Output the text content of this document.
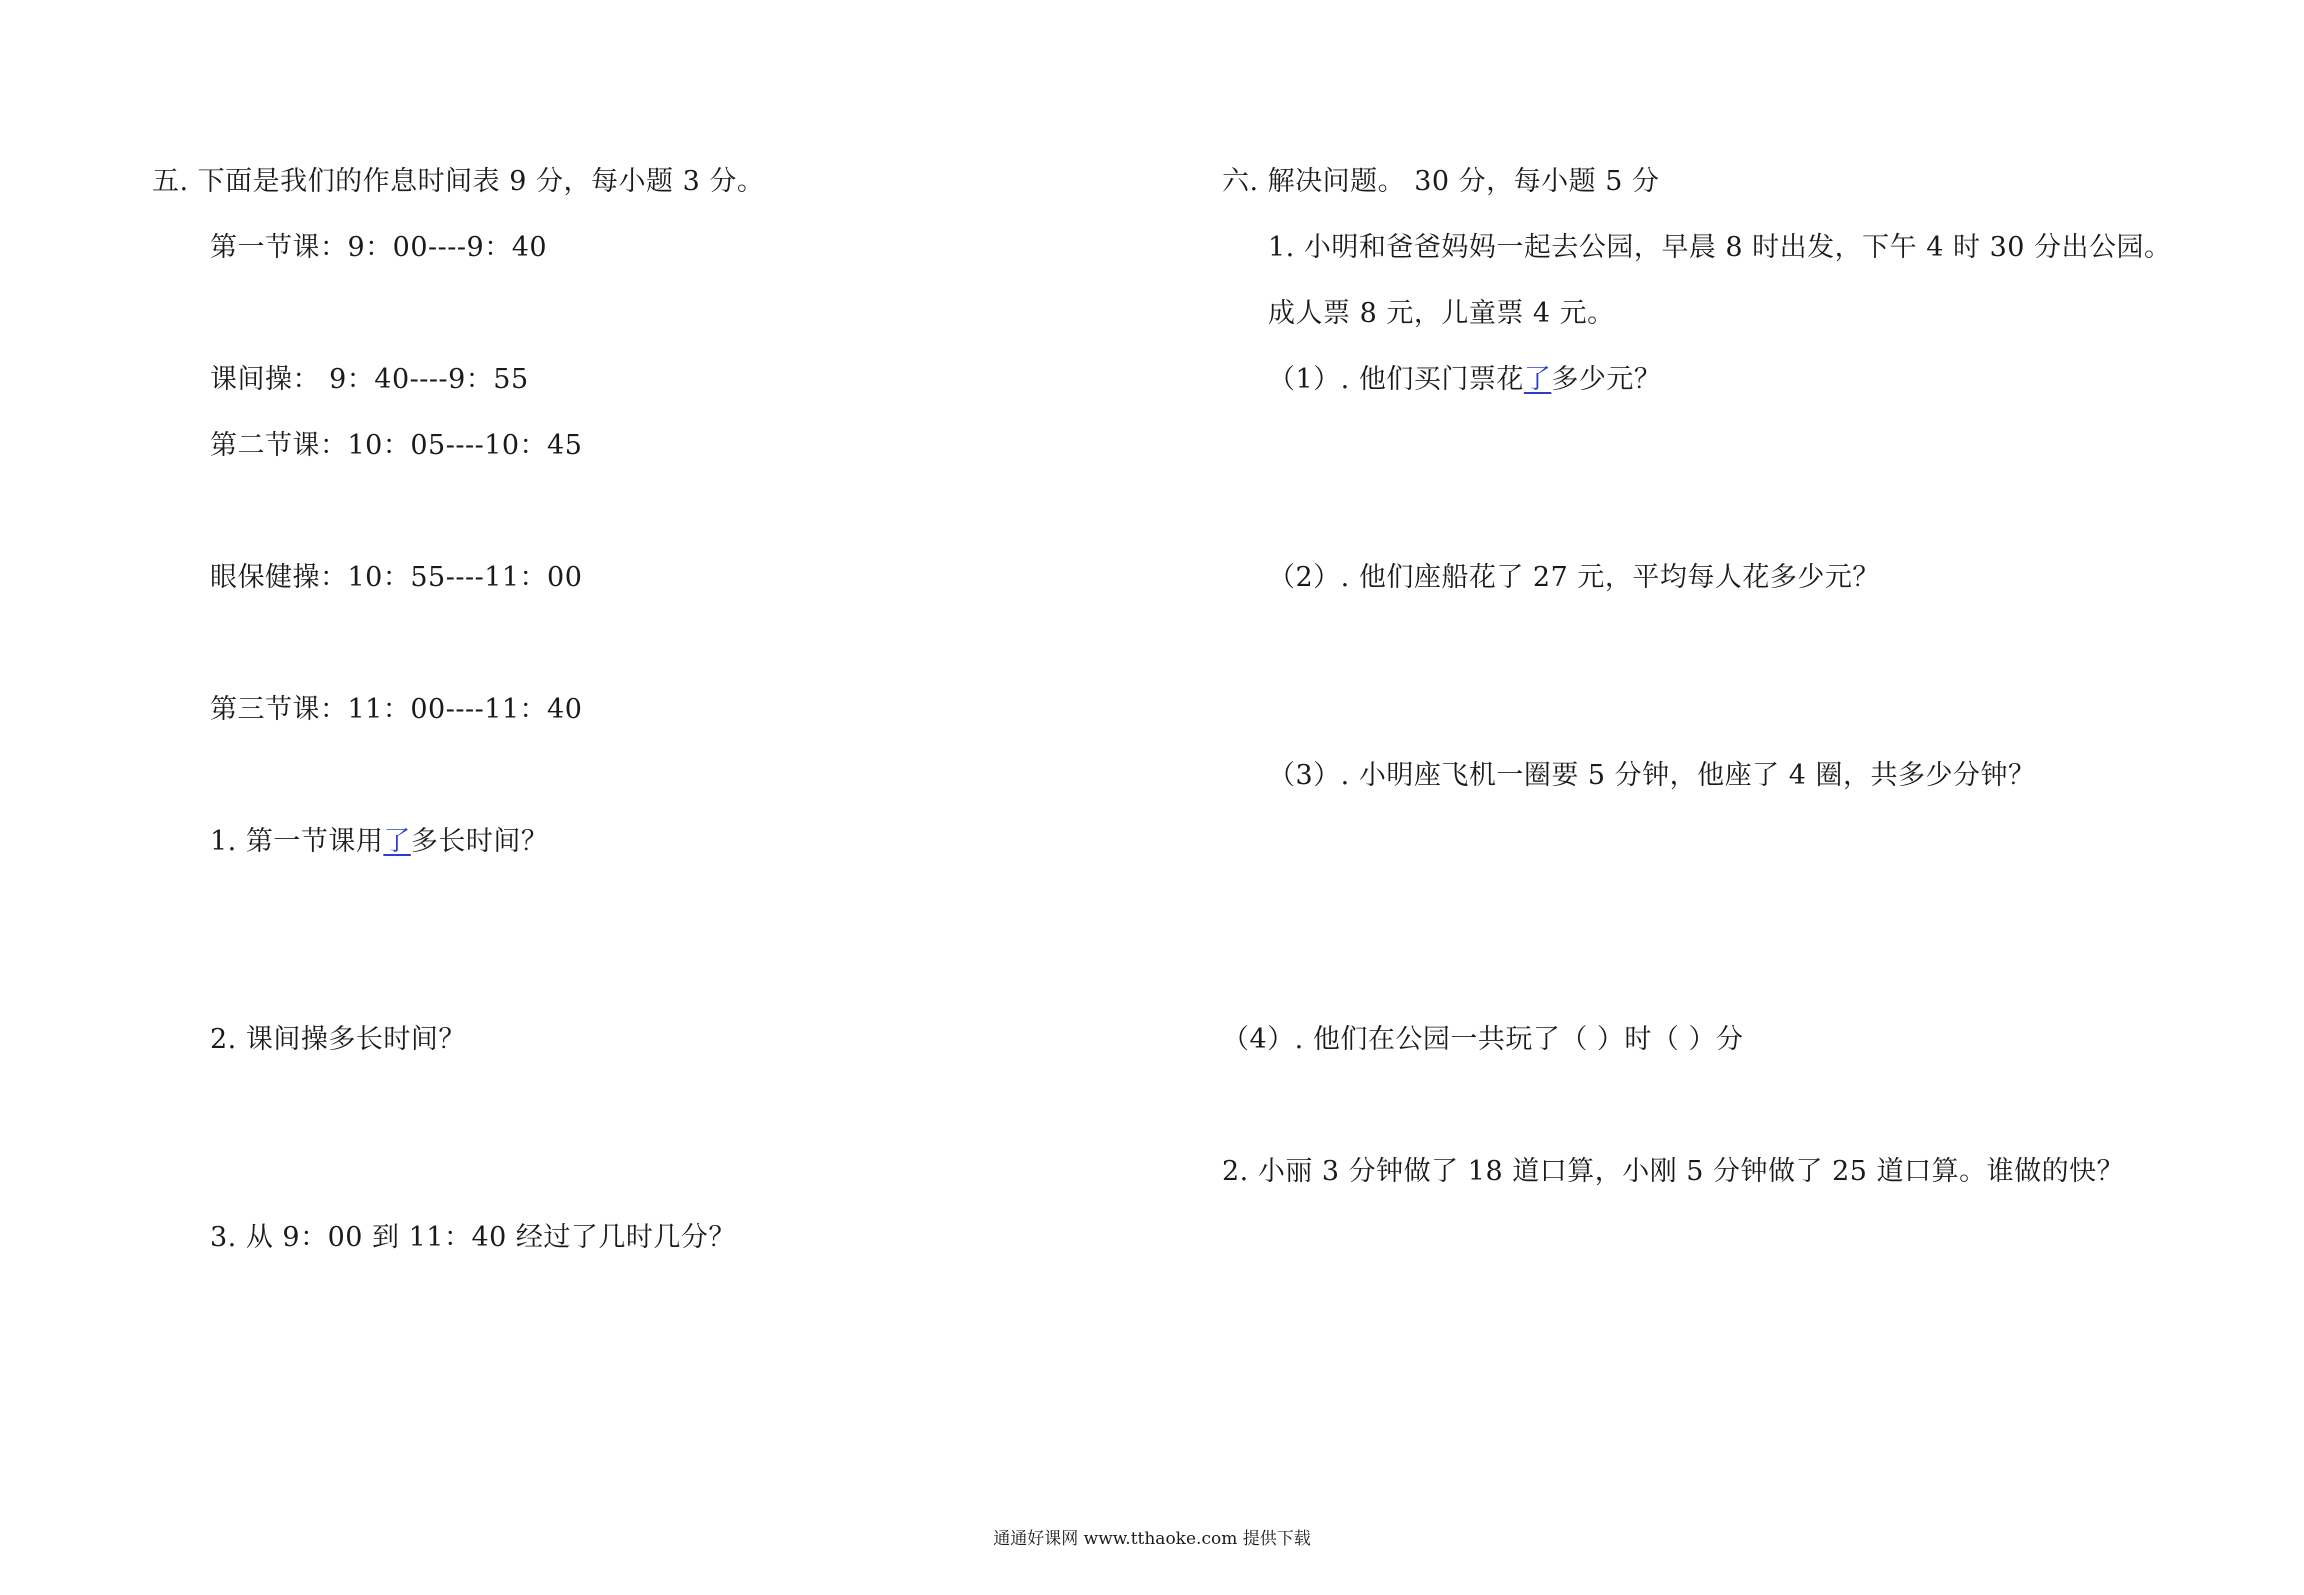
五. 下面是我们的作息时间表 9 分，每小题 3 分。
第一节课：9：00----9：40
课间操： 9：40----9：55
第二节课：10：05----10：45
眼保健操：10：55----11：00
第三节课：11：00----11：40
1. 第一节课用了多长时间？
2. 课间操多长时间？
3. 从 9：00 到 11：40 经过了几时几分？
六. 解决问题。 30 分，每小题 5 分
1. 小明和爸爸妈妈一起去公园，早晨 8 时出发，下午 4 时 30 分出公园。
成人票 8 元，儿童票 4 元。
（1）. 他们买门票花了多少元？
（2）. 他们座船花了 27 元，平均每人花多少元？
（3）. 小明座飞机一圈要 5 分钟，他座了 4 圈，共多少分钟？
（4）. 他们在公园一共玩了（ ）时（ ）分
2. 小丽 3 分钟做了 18 道口算，小刚 5 分钟做了 25 道口算。谁做的快？
通通好课网 www.tthaoke.com 提供下载
